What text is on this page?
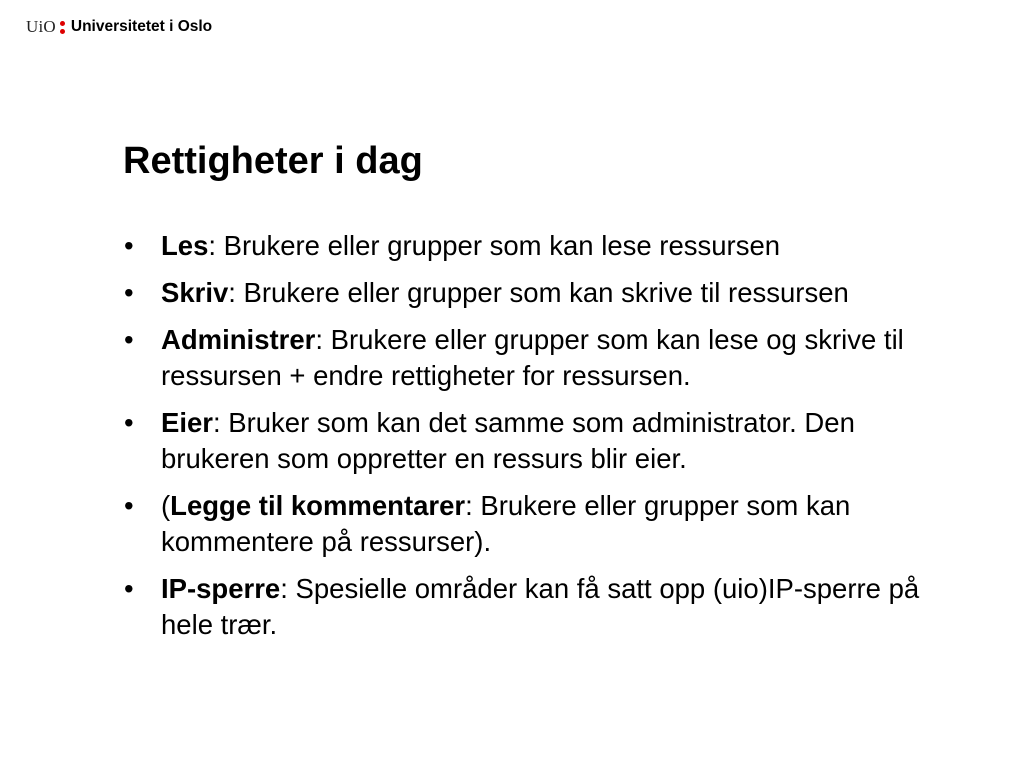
UiO Universitetet i Oslo
Rettigheter i dag
• Les: Brukere eller grupper som kan lese ressursen
• Skriv: Brukere eller grupper som kan skrive til ressursen
• Administrer: Brukere eller grupper som kan lese og skrive til ressursen + endre rettigheter for ressursen.
• Eier: Bruker som kan det samme som administrator. Den brukeren som oppretter en ressurs blir eier.
• (Legge til kommentarer: Brukere eller grupper som kan kommentere på ressurser).
• IP-sperre: Spesielle områder kan få satt opp (uio)IP-sperre på hele trær.
